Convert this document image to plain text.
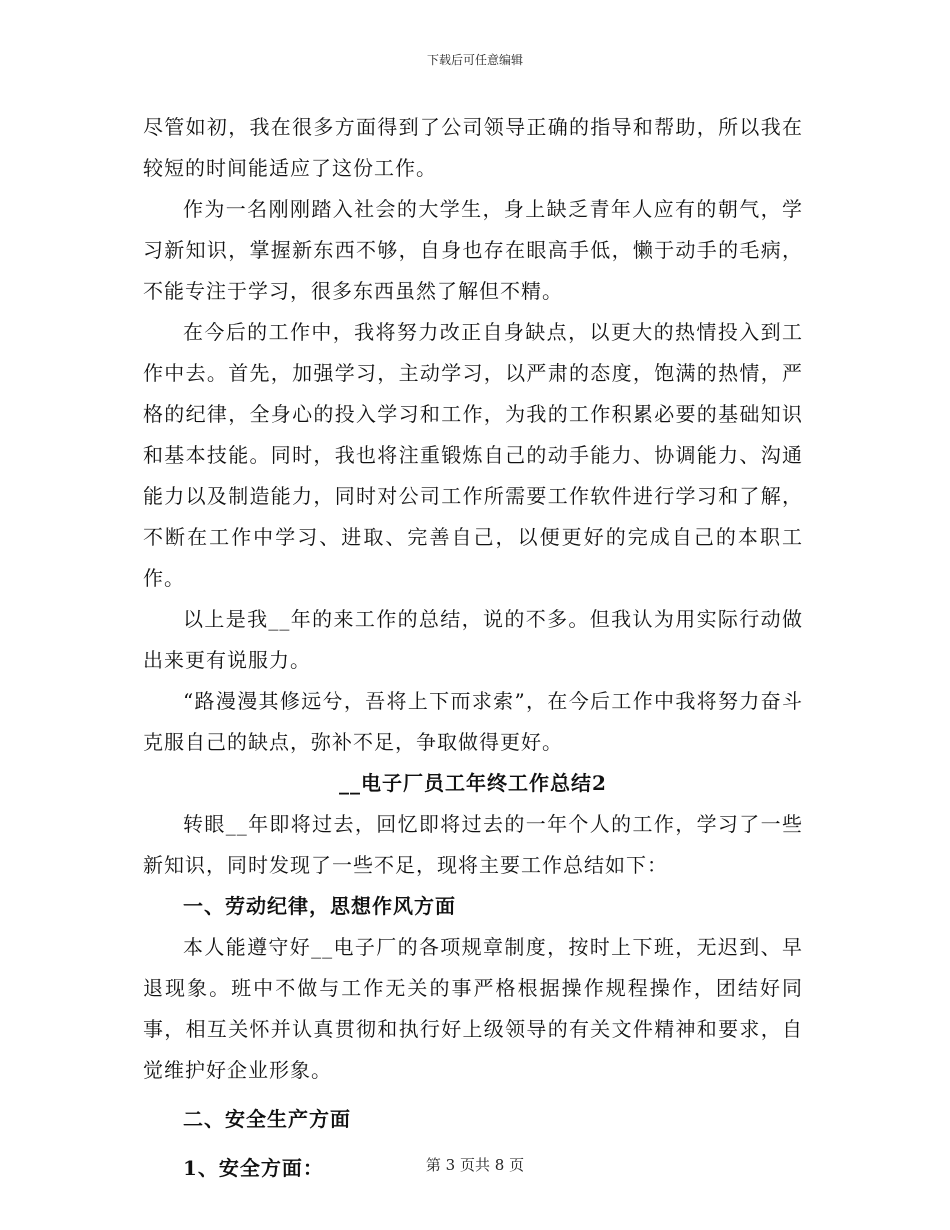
下载后可任意编辑

尽管如初，我在很多方面得到了公司领导正确的指导和帮助，所以我在较短的时间能适应了这份工作。

作为一名刚刚踏入社会的大学生，身上缺乏青年人应有的朝气，学习新知识，掌握新东西不够，自身也存在眼高手低，懒于动手的毛病，不能专注于学习，很多东西虽然了解但不精。

在今后的工作中，我将努力改正自身缺点，以更大的热情投入到工作中去。首先，加强学习，主动学习，以严肃的态度，饱满的热情，严格的纪律，全身心的投入学习和工作，为我的工作积累必要的基础知识和基本技能。同时，我也将注重锻炼自己的动手能力、协调能力、沟通能力以及制造能力，同时对公司工作所需要工作软件进行学习和了解，不断在工作中学习、进取、完善自己，以便更好的完成自己的本职工作。

以上是我__年的来工作的总结，说的不多。但我认为用实际行动做出来更有说服力。

“路漫漫其修远兮，吾将上下而求索”，在今后工作中我将努力奋斗克服自己的缺点，弥补不足，争取做得更好。

__电子厂员工年终工作总结2

转眼__年即将过去，回忆即将过去的一年个人的工作，学习了一些新知识，同时发现了一些不足，现将主要工作总结如下：

一、劳动纪律，思想作风方面

本人能遵守好__电子厂的各项规章制度，按时上下班，无迟到、早退现象。班中不做与工作无关的事严格根据操作规程操作，团结好同事，相互关怀并认真贯彻和执行好上级领导的有关文件精神和要求，自觉维护好企业形象。

二、安全生产方面

1、安全方面：	第 3 页共 8 页
